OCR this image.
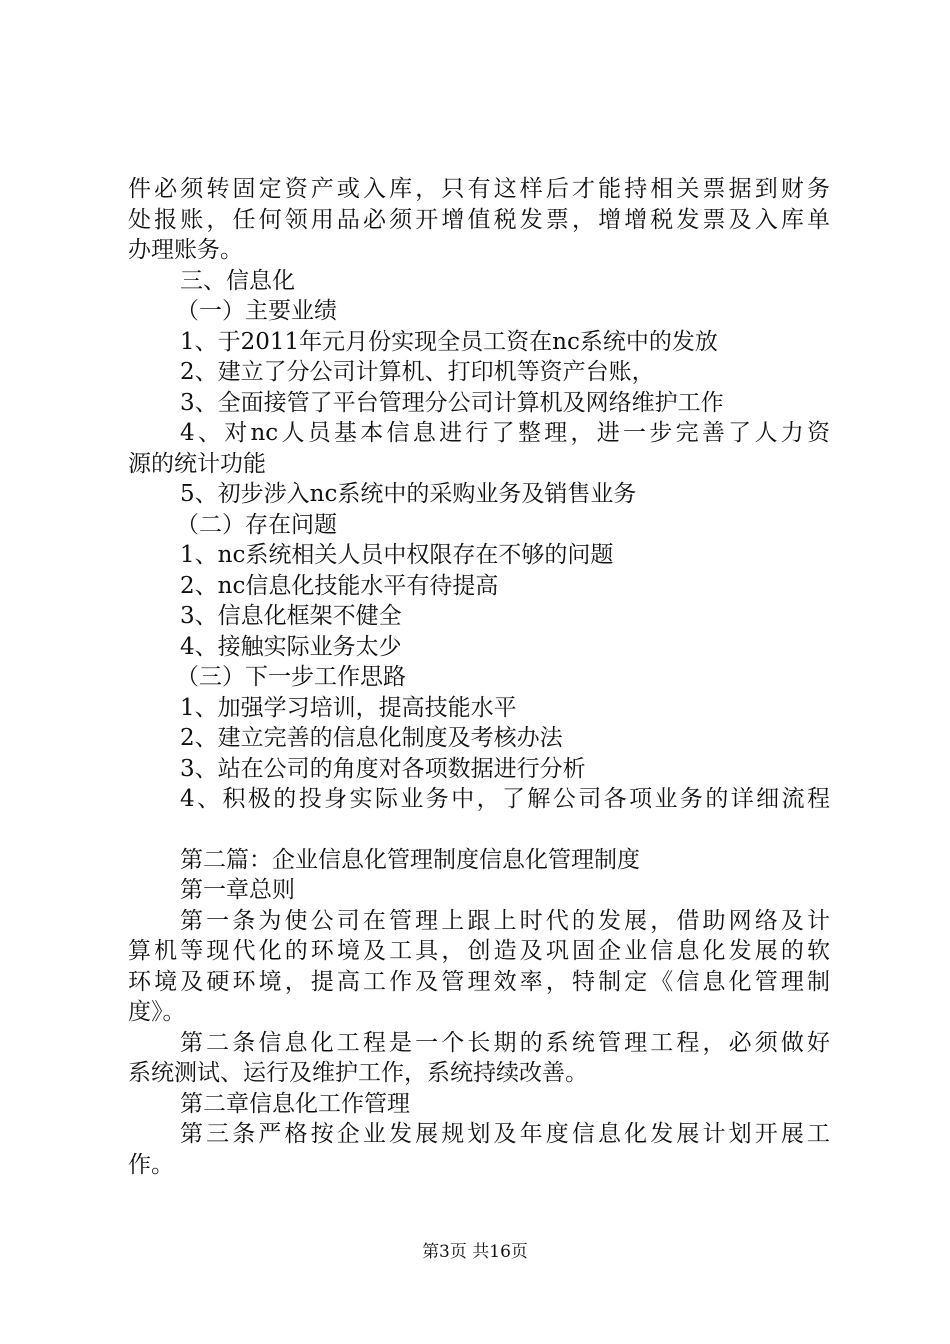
件必须转固定资产或入库，只有这样后才能持相关票据到财务
处报账，任何领用品必须开增值税发票，增增税发票及入库单
办理账务。
三、信息化
（一）主要业绩
1、于2011年元月份实现全员工资在nc系统中的发放
2、建立了分公司计算机、打印机等资产台账，
3、全面接管了平台管理分公司计算机及网络维护工作
4、对nc人员基本信息进行了整理，进一步完善了人力资
源的统计功能
5、初步涉入nc系统中的采购业务及销售业务
（二）存在问题
1、nc系统相关人员中权限存在不够的问题
2、nc信息化技能水平有待提高
3、信息化框架不健全
4、接触实际业务太少
（三）下一步工作思路
1、加强学习培训，提高技能水平
2、建立完善的信息化制度及考核办法
3、站在公司的角度对各项数据进行分析
4、积极的投身实际业务中，了解公司各项业务的详细流程
第二篇：企业信息化管理制度信息化管理制度
第一章总则
第一条为使公司在管理上跟上时代的发展，借助网络及计
算机等现代化的环境及工具，创造及巩固企业信息化发展的软
环境及硬环境，提高工作及管理效率，特制定《信息化管理制
度》。
第二条信息化工程是一个长期的系统管理工程，必须做好
系统测试、运行及维护工作，系统持续改善。
第二章信息化工作管理
第三条严格按企业发展规划及年度信息化发展计划开展工
作。
第3页 共16页
